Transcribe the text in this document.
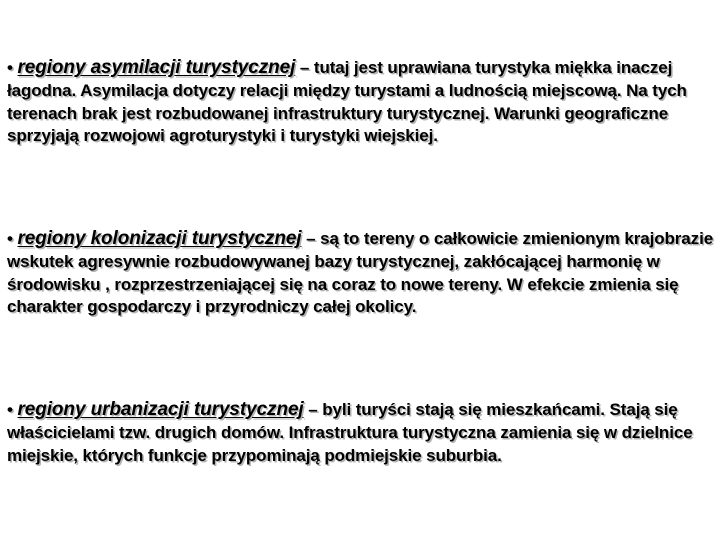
• regiony asymilacji turystycznej – tutaj jest uprawiana turystyka miękka inaczej łagodna. Asymilacja dotyczy relacji między turystami a ludnością miejscową. Na tych terenach brak jest rozbudowanej infrastruktury turystycznej. Warunki geograficzne sprzyjają rozwojowi agroturystyki i turystyki wiejskiej.

• regiony kolonizacji turystycznej – są to tereny o całkowicie zmienionym krajobrazie wskutek agresywnie rozbudowywanej bazy turystycznej, zakłócającej harmonię w środowisku , rozprzestrzeniającej się na coraz to nowe tereny. W efekcie zmienia się charakter gospodarczy i przyrodniczy całej okolicy.

• regiony urbanizacji turystycznej – byli turyści stają się mieszkańcami. Stają się właścicielami tzw. drugich domów. Infrastruktura turystyczna zamienia się w dzielnice miejskie, których funkcje przypominają podmiejskie suburbia.
